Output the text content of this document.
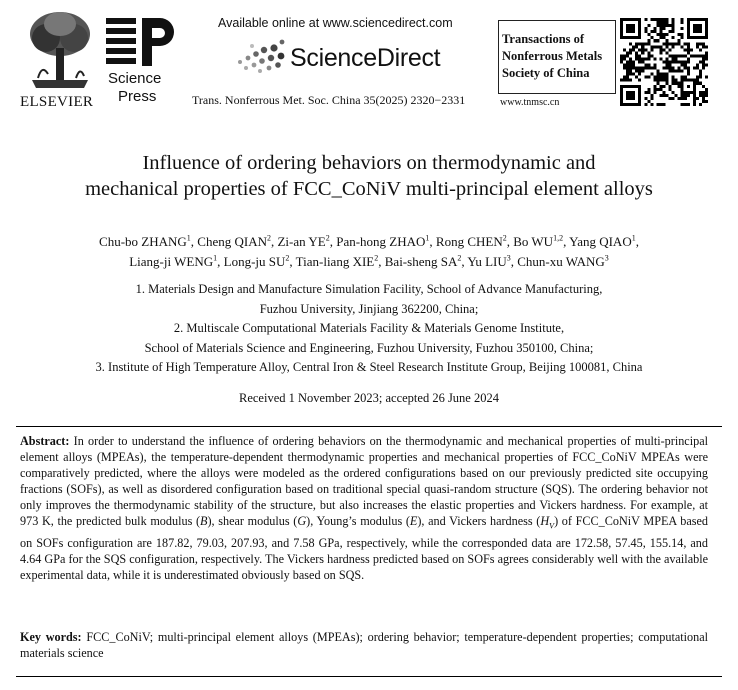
ELSEVIER
Science
Press
Available online at www.sciencedirect.com
ScienceDirect
Trans. Nonferrous Met. Soc. China 35(2025) 2320−2331
Transactions of
Nonferrous Metals
Society of China
www.tnmsc.cn
Influence of ordering behaviors on thermodynamic and
mechanical properties of FCC_CoNiV multi-principal element alloys
Chu-bo ZHANG$^1$, Cheng QIAN$^2$, Zi-an $YE^2$, Pan-hong ZHAO$^1$, Rong CHEN$^2$, Bo WU$^{1,2}$, Yang QIAO$^1$,
Liang-ji WENG$^1$, Long-ju $SU^2$, Tian-liang XIE$^2$, Bai-sheng $SA^2$, Yu LIU$^3$, Chun-xu WANG$^3$
1. Materials Design and Manufacture Simulation Facility, School of Advance Manufacturing,
Fuzhou University, Jinjiang 362200, China;
2. Multiscale Computational Materials Facility & Materials Genome Institute,
School of Materials Science and Engineering, Fuzhou University, Fuzhou 350100, China;
3. Institute of High Temperature Alloy, Central Iron & Steel Research Institute Group, Beijing 100081, China
Received 1 November 2023; accepted 26 June 2024
Abstract: In order to understand the influence of ordering behaviors on the thermodynamic and mechanical properties of multi-principal element alloys (MPEAs), the temperature-dependent thermodynamic properties and mechanical properties of FCC_CoNiV MPEAs were comparatively predicted, where the alloys were modeled as the ordered configurations based on our previously predicted site occupying fractions (SOFs), as well as disordered configuration based on traditional special quasi-random structure (SQS). The ordering behavior not only improves the thermodynamic stability of the structure, but also increases the elastic properties and Vickers hardness. For example, at 973 K, the predicted bulk modulus (B), shear modulus (G), Young’s modulus (E), and Vickers hardness $(H_V)$ of FCC_CoNiV MPEA based on SOFs configuration are 187.82, 79.03, 207.93, and 7.58 GPa, respectively, while the corresponded data are 172.58, 57.45, 155.14, and 4.64 GPa for the SQS configuration, respectively. The Vickers hardness predicted based on SOFs agrees considerably well with the available experimental data, while it is underestimated obviously based on SQS.
Key words: FCC_CoNiV; multi-principal element alloys (MPEAs); ordering behavior; temperature-dependent properties; computational materials science
